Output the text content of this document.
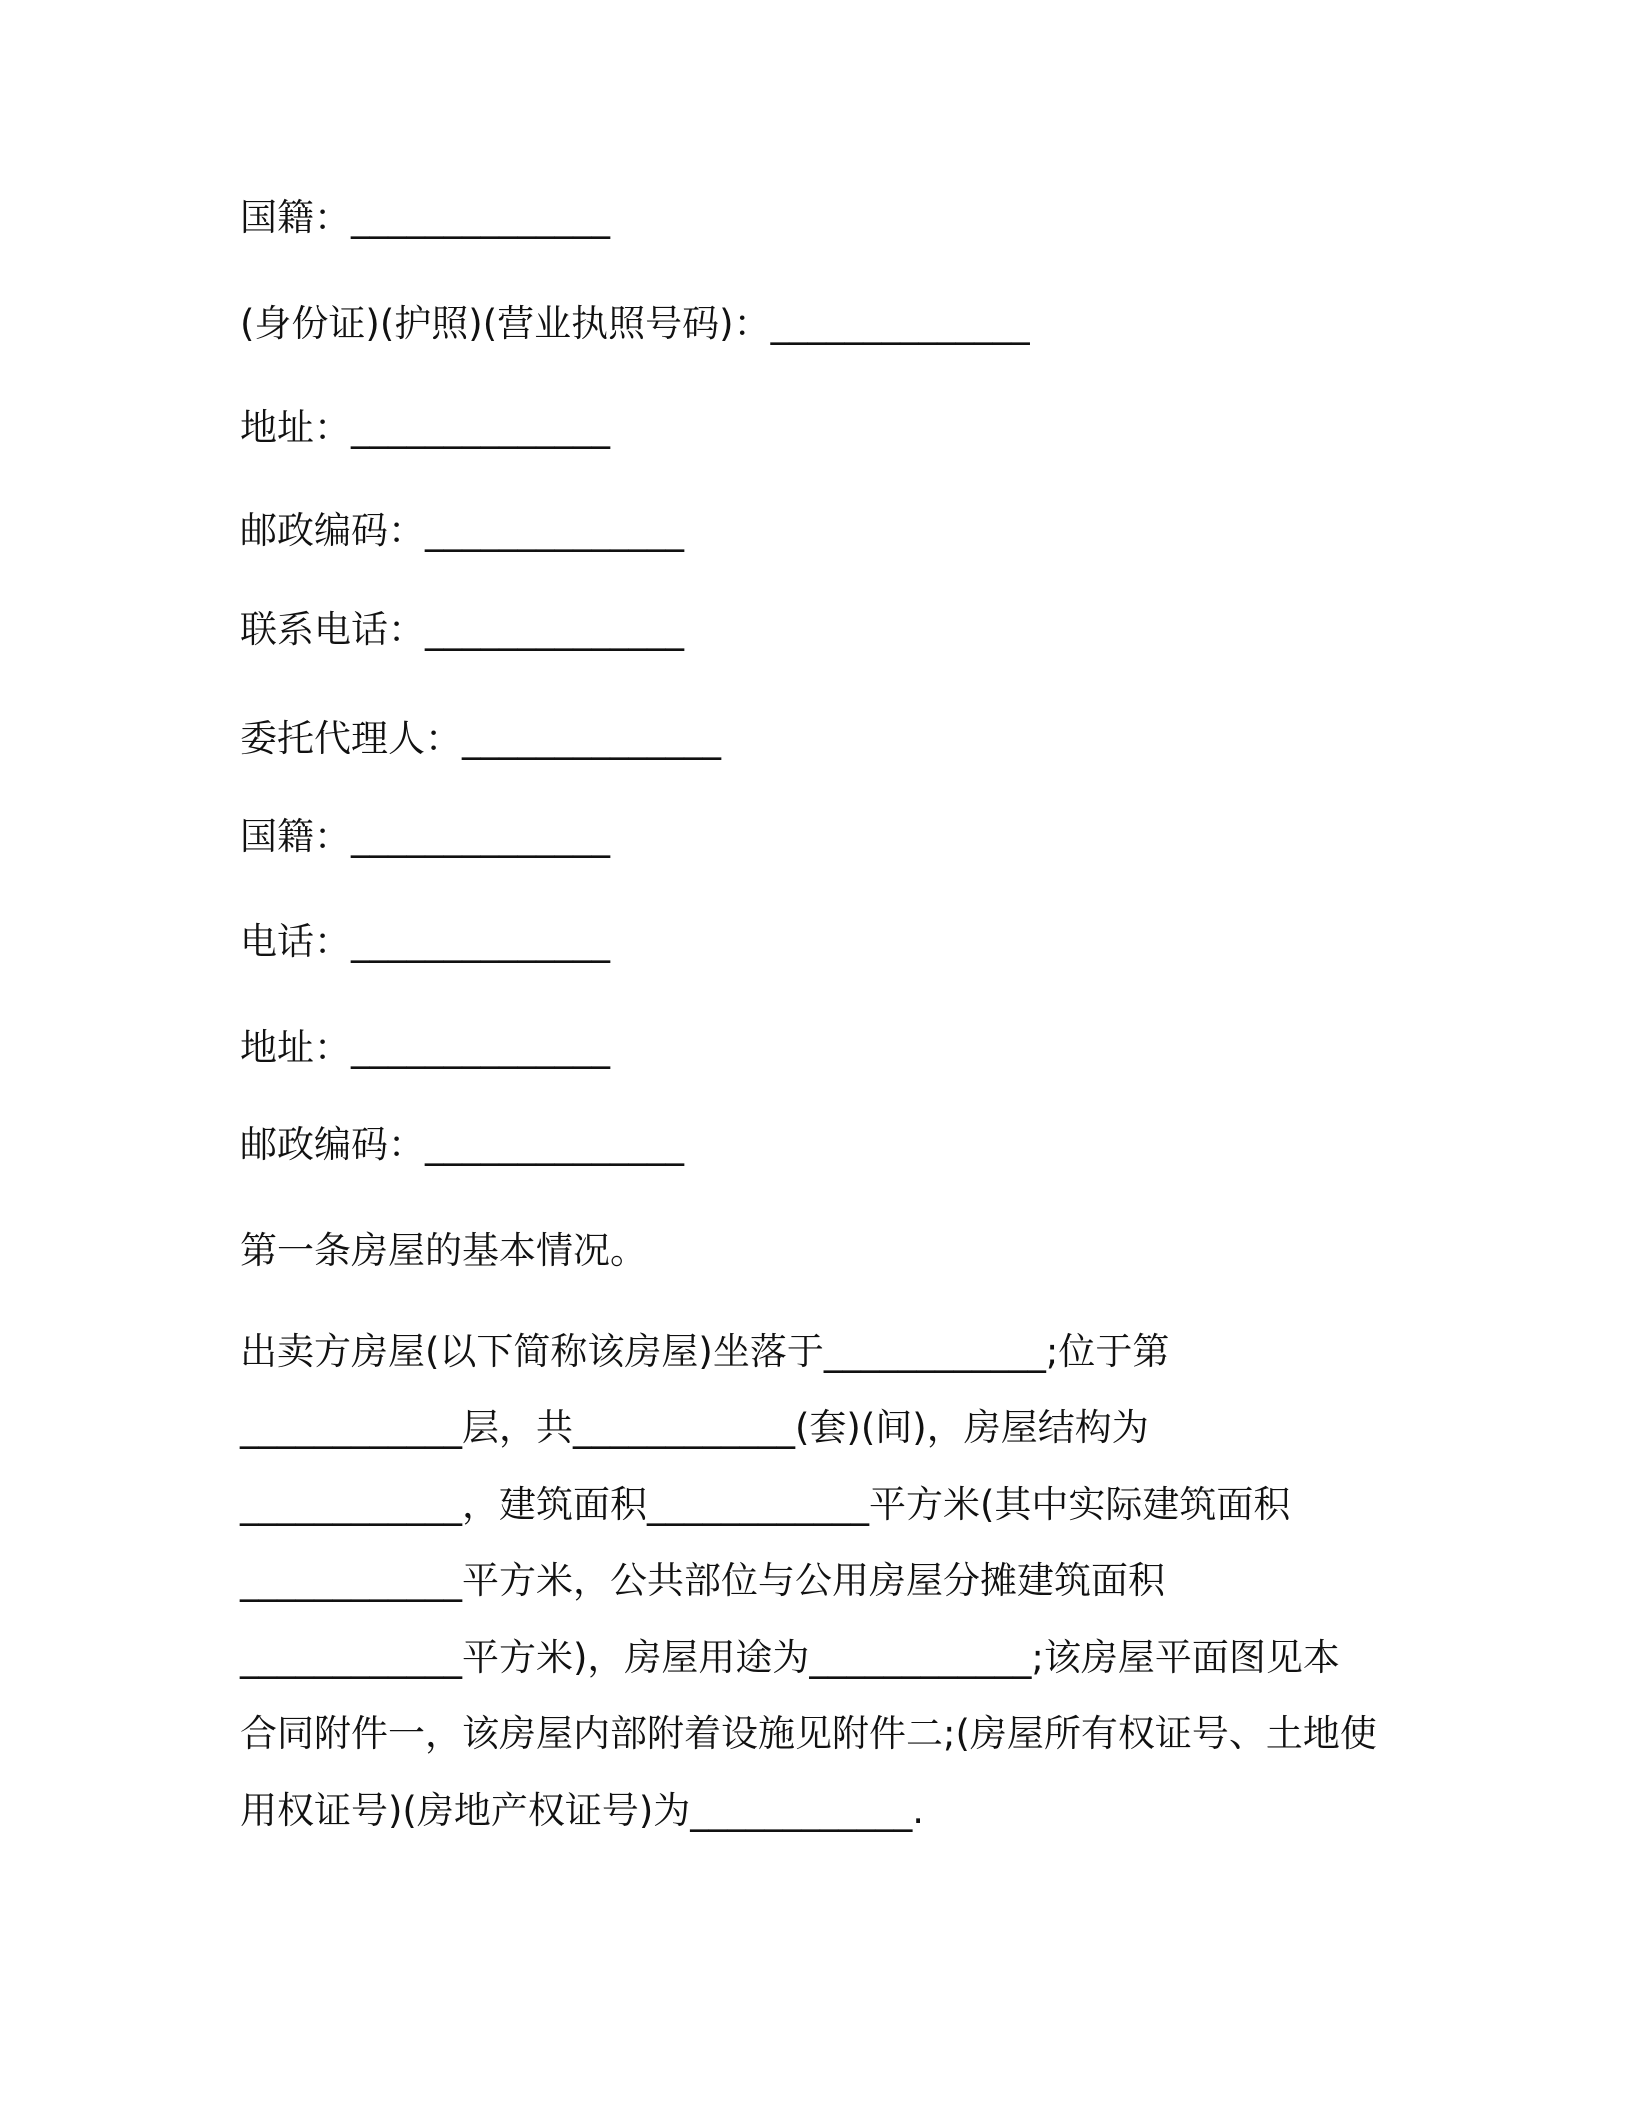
国籍：______________
(身份证)(护照)(营业执照号码)：______________
地址：______________
邮政编码：______________
联系电话：______________
委托代理人：______________
国籍：______________
电话：______________
地址：______________
邮政编码：______________
第一条房屋的基本情况。
出卖方房屋(以下简称该房屋)坐落于____________;位于第
____________层，共____________(套)(间)，房屋结构为
____________，建筑面积____________平方米(其中实际建筑面积
____________平方米，公共部位与公用房屋分摊建筑面积
____________平方米)，房屋用途为____________;该房屋平面图见本
合同附件一，该房屋内部附着设施见附件二;(房屋所有权证号、土地使
用权证号)(房地产权证号)为____________.
